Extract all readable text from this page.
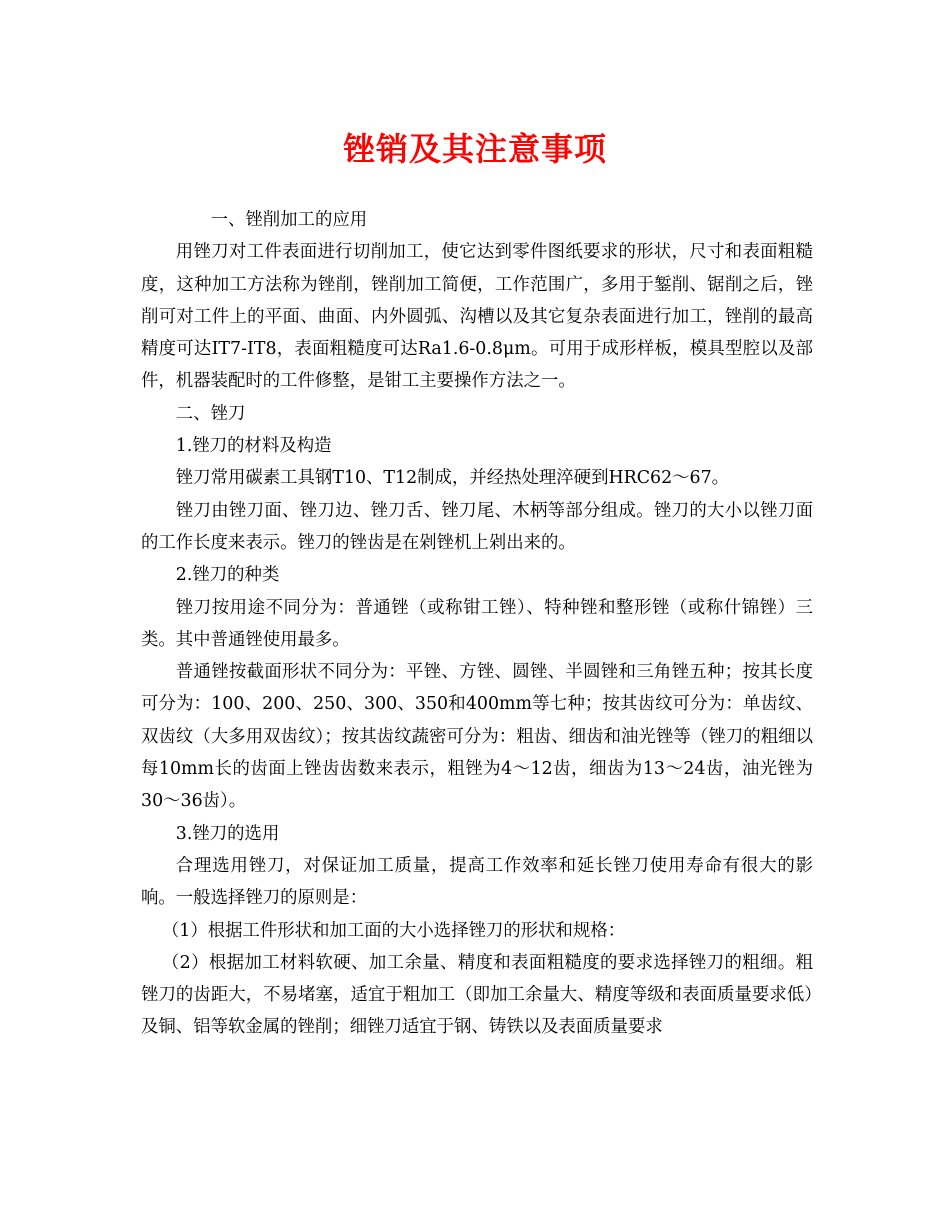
锉销及其注意事项

一、锉削加工的应用

用锉刀对工件表面进行切削加工，使它达到零件图纸要求的形状，尺寸和表面粗糙度，这种加工方法称为锉削，锉削加工简便，工作范围广，多用于錾削、锯削之后，锉削可对工件上的平面、曲面、内外圆弧、沟槽以及其它复杂表面进行加工，锉削的最高精度可达IT7-IT8，表面粗糙度可达Ra1.6-0.8μm。可用于成形样板，模具型腔以及部件，机器装配时的工件修整，是钳工主要操作方法之一。

二、锉刀

1.锉刀的材料及构造

锉刀常用碳素工具钢T10、T12制成，并经热处理淬硬到HRC62～67。

锉刀由锉刀面、锉刀边、锉刀舌、锉刀尾、木柄等部分组成。锉刀的大小以锉刀面的工作长度来表示。锉刀的锉齿是在剁锉机上剁出来的。

2.锉刀的种类

锉刀按用途不同分为：普通锉（或称钳工锉）、特种锉和整形锉（或称什锦锉）三类。其中普通锉使用最多。

普通锉按截面形状不同分为：平锉、方锉、圆锉、半圆锉和三角锉五种；按其长度可分为：100、200、250、300、350和400mm等七种；按其齿纹可分为：单齿纹、双齿纹（大多用双齿纹）；按其齿纹蔬密可分为：粗齿、细齿和油光锉等（锉刀的粗细以每10mm长的齿面上锉齿齿数来表示，粗锉为4～12齿，细齿为13～24齿，油光锉为30～36齿）。

3.锉刀的选用

合理选用锉刀，对保证加工质量，提高工作效率和延长锉刀使用寿命有很大的影响。一般选择锉刀的原则是：

（1）根据工件形状和加工面的大小选择锉刀的形状和规格：

（2）根据加工材料软硬、加工余量、精度和表面粗糙度的要求选择锉刀的粗细。粗锉刀的齿距大，不易堵塞，适宜于粗加工（即加工余量大、精度等级和表面质量要求低）及铜、铝等软金属的锉削；细锉刀适宜于钢、铸铁以及表面质量要求
